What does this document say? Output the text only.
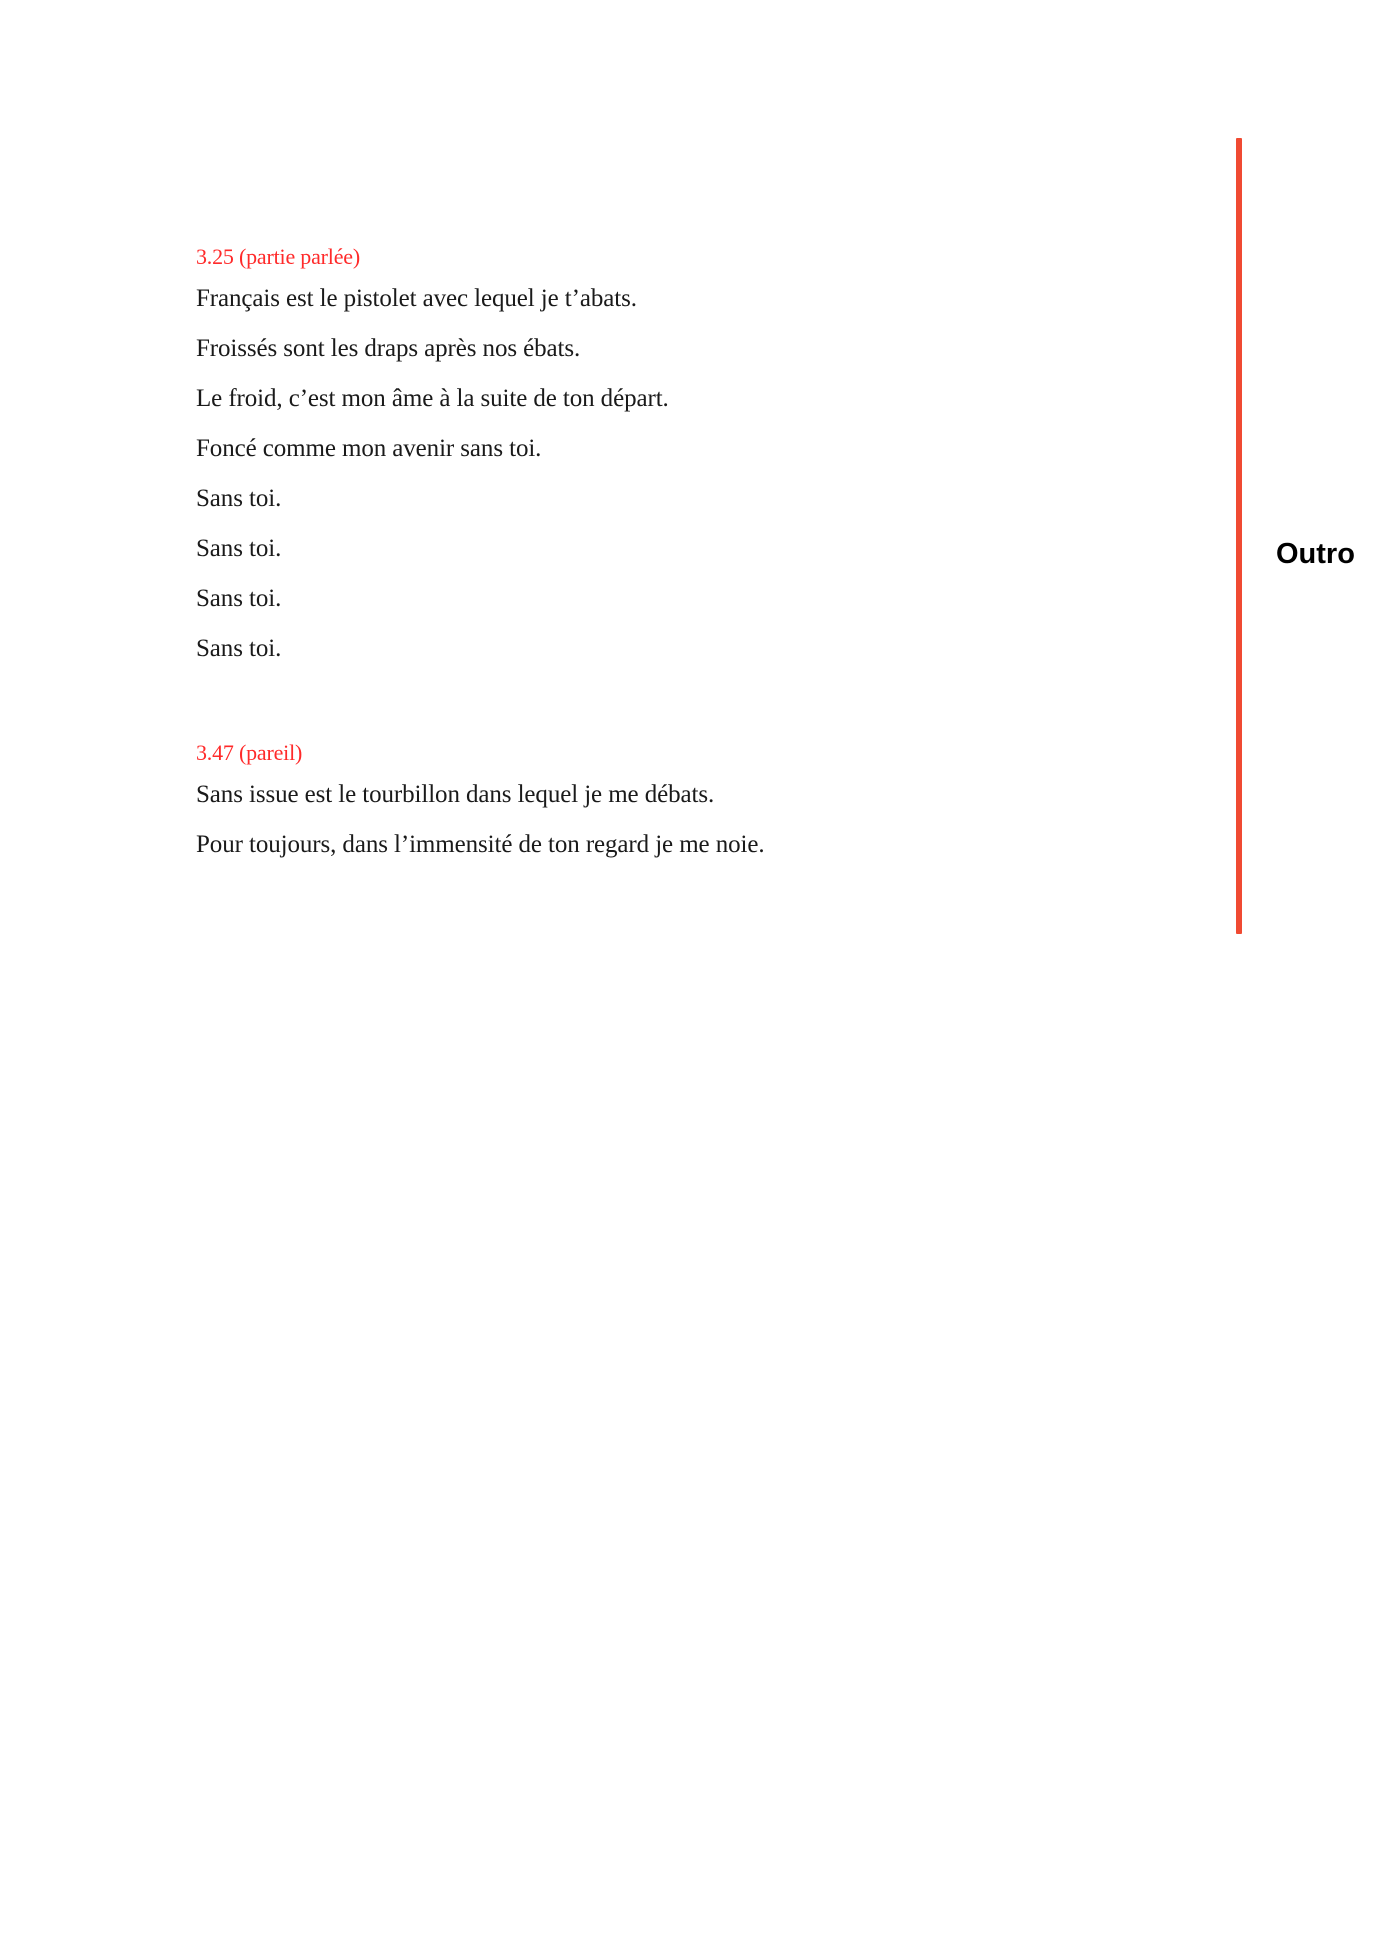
3.25 (partie parlée)
Français est le pistolet avec lequel je t’abats.
Froissés sont les draps après nos ébats.
Le froid, c’est mon âme à la suite de ton départ.
Foncé comme mon avenir sans toi.
Sans toi.
Sans toi.
Sans toi.
Sans toi.
3.47 (pareil)
Sans issue est le tourbillon dans lequel je me débats.
Pour toujours, dans l’immensité de ton regard je me noie.
Outro
